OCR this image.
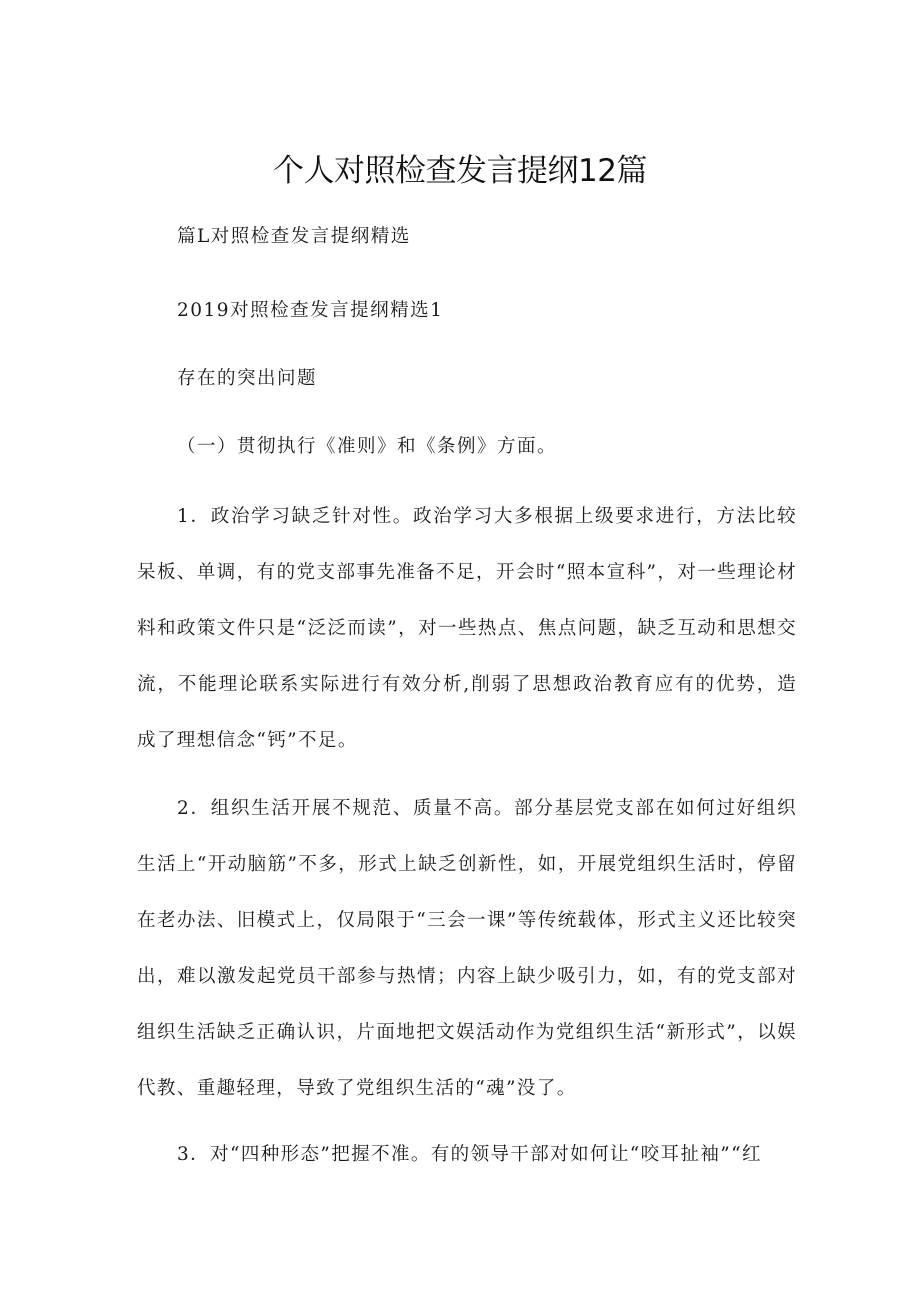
个人对照检查发言提纲12篇

篇L对照检查发言提纲精选

2019对照检查发言提纲精选1

存在的突出问题

（一）贯彻执行《准则》和《条例》方面。

1．政治学习缺乏针对性。政治学习大多根据上级要求进行，方法比较呆板、单调，有的党支部事先准备不足，开会时“照本宣科”，对一些理论材料和政策文件只是“泛泛而读”，对一些热点、焦点问题，缺乏互动和思想交流，不能理论联系实际进行有效分析,削弱了思想政治教育应有的优势，造成了理想信念“钙”不足。

2．组织生活开展不规范、质量不高。部分基层党支部在如何过好组织生活上“开动脑筋”不多，形式上缺乏创新性，如，开展党组织生活时，停留在老办法、旧模式上，仅局限于“三会一课”等传统载体，形式主义还比较突出，难以激发起党员干部参与热情；内容上缺少吸引力，如，有的党支部对组织生活缺乏正确认识，片面地把文娱活动作为党组织生活“新形式”，以娱代教、重趣轻理，导致了党组织生活的“魂”没了。

3．对“四种形态”把握不准。有的领导干部对如何让“咬耳扯袖”“红
